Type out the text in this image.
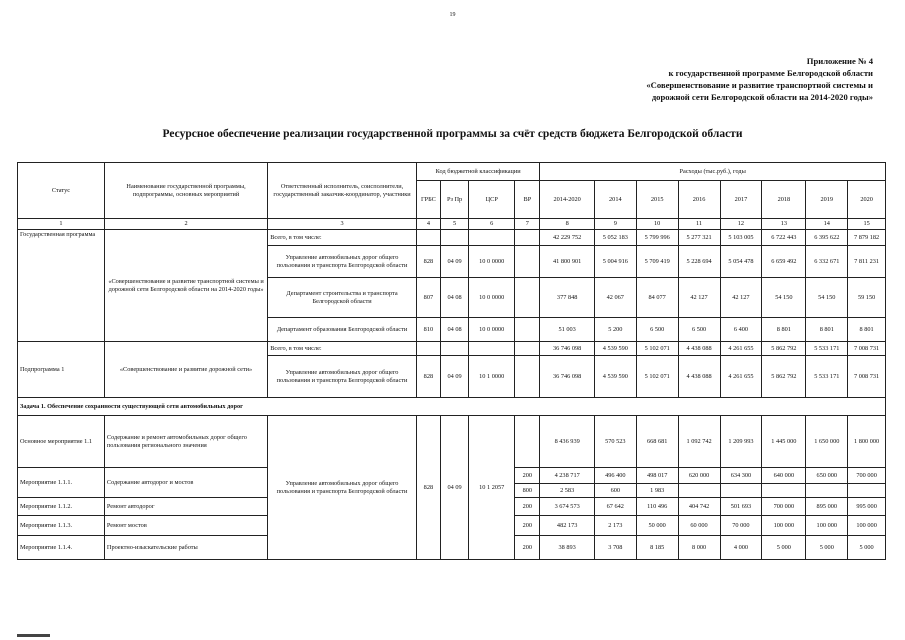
19
Приложение № 4
к государственной программе Белгородской области
«Совершенствование и развитие транспортной системы и
дорожной сети Белгородской области на 2014-2020 годы»
Ресурсное обеспечение реализации государственной программы за счёт средств бюджета Белгородской области
Статус	Наименование государственной программы, подпрограммы, основных мероприятий	Ответственный исполнитель, соисполнители, государственный заказчик-координатор, участники	Код бюджетной классификации				Расходы (тыс.руб.), годы							
			ГРБС	Рз Пр	ЦСР	ВР	2014-2020	2014	2015	2016	2017	2018	2019	2020
1	2	3	4	5	6	7	8	9	10	11	12	13	14	15
Государственная программа	«Совершенствование и развитие транспортной системы и дорожной сети Белгородской области на 2014-2020 годы»	Всего, в том числе:					42 229 752	5 052 183	5 799 996	5 277 321	5 103 005	6 722 443	6 395 622	7 879 182
		Управление автомобильных дорог общего пользования и транспорта Белгородской области	828	04 09	10 0 0000		41 800 901	5 004 916	5 709 419	5 228 694	5 054 478	6 659 492	6 332 671	7 811 231
		Департамент строительства и транспорта Белгородской области	807	04 08	10 0 0000		377 848	42 067	84 077	42 127	42 127	54 150	54 150	59 150
		Департамент образования Белгородской области	810	04 08	10 0 0000		51 003	5 200	6 500	6 500	6 400	8 801	8 801	8 801
Подпрограмма 1	«Совершенствование и развитие дорожной сети»	Всего, в том числе:					36 746 098	4 539 590	5 102 071	4 438 088	4 261 655	5 862 792	5 533 171	7 008 731
		Управление автомобильных дорог общего пользования и транспорта Белгородской области	828	04 09	10 1 0000		36 746 098	4 539 590	5 102 071	4 438 088	4 261 655	5 862 792	5 533 171	7 008 731
Задача 1. Обеспечение сохранности существующей сети автомобильных дорог														
Основное мероприятие 1.1	Содержание и ремонт автомобильных дорог общего пользования регионального значения	Управление автомобильных дорог общего пользования и транспорта Белгородской области	828	04 09	10 1 2057		8 436 939	570 523	668 681	1 092 742	1 209 993	1 445 000	1 650 000	1 800 000
Мероприятие 1.1.1.	Содержание автодорог и мостов					200	4 238 717	496 400	498 017	620 000	634 300	640 000	650 000	700 000
						800	2 583	600	1 983					
Мероприятие 1.1.2.	Ремонт автодорог					200	3 674 573	67 642	110 496	404 742	501 693	700 000	895 000	995 000
Мероприятие 1.1.3.	Ремонт мостов					200	482 173	2 173	50 000	60 000	70 000	100 000	100 000	100 000
Мероприятие 1.1.4.	Проектно-изыскательские работы					200	38 893	3 708	8 185	8 000	4 000	5 000	5 000	5 000
